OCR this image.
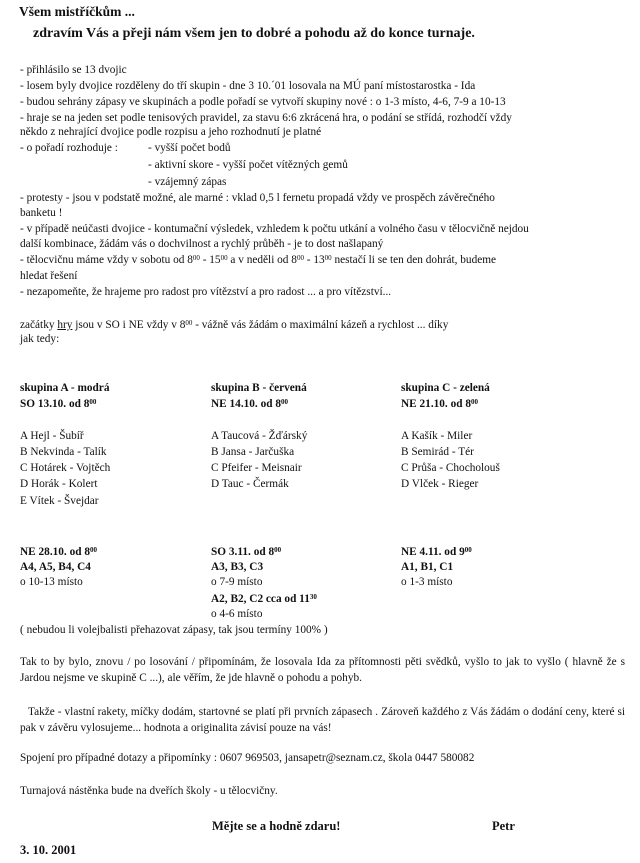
Všem mistříčkům ...
zdravím Vás a přeji nám všem jen to dobré a pohodu až do konce turnaje.
- přihlásilo se 13 dvojic
- losem byly dvojice rozděleny do tří skupin - dne 3 10.´01 losovala na MÚ paní místostarostka - Ida
- budou sehrány zápasy ve skupinách a podle pořadí se vytvoří skupiny nové : o 1-3 místo, 4-6, 7-9 a 10-13
- hraje se na jeden set podle tenisových pravidel, za stavu 6:6 zkrácená hra, o podání se střídá, rozhodčí vždy
někdo z nehrající dvojice podle rozpisu a jeho rozhodnutí je platné
- o pořadí rozhoduje :	- vyšší počet bodů
- aktivní skore - vyšší počet vítězných gemů
- vzájemný zápas
- protesty - jsou v podstatě možné, ale marné : vklad 0,5 l fernetu propadá vždy ve prospěch závěrečného
banketu !
- v případě neúčasti dvojice - kontumační výsledek, vzhledem k počtu utkání a volného času v tělocvičně nejdou
další kombinace, žádám vás o dochvilnost a rychlý průběh - je to dost našlapaný
- tělocvičnu máme vždy v sobotu od $8^{00} - 15^{00}$ a v neděli od $8^{00} - 13^{00}$ nestačí li se ten den dohrát, budeme
hledat řešení
- nezapomeňte, že hrajeme pro radost pro vítězství a pro radost ... a pro vítězství...
začátky hry jsou v SO i NE vždy v $8^{00}$ - vážně vás žádám o maximální kázeň a rychlost ... díky
jak tedy:
skupina A - modrá
SO 13.10. od $8^{00}$
A Hejl - Šubíř
B Nekvinda - Talík
C Hotárek - Vojtěch
D Horák - Kolert
E Vítek - Švejdar
skupina B - červená
NE 14.10. od $8^{00}$
A Taucová - Žďárský
B Jansa - Jarčuška
C Pfeifer - Meisnair
D Tauc - Čermák
skupina C - zelená
NE 21.10. od $8^{00}$
A Kašík - Miler
B Semirád - Tér
C Průša - Chocholouš
D Vlček - Rieger
NE 28.10. od $8^{00}$
A4, A5, B4, C4
o 10-13 místo
SO 3.11. od $8^{00}$
A3, B3, C3
o 7-9 místo
A2, B2, C2 cca od $11^{30}$
o 4-6 místo
NE 4.11. od $9^{00}$
A1, B1, C1
o 1-3 místo
( nebudou li volejbalisti přehazovat zápasy, tak jsou termíny 100% )
Tak to by bylo, znovu / po losování / připomínám, že losovala Ida za přítomnosti pěti svědků, vyšlo to jak to vyšlo ( hlavně že s Jardou nejsme ve skupině C ...), ale věřím, že jde hlavně o pohodu a pohyb.
Takže - vlastní rakety, míčky dodám, startovné se platí při prvních zápasech . Zároveň každého z Vás žádám o dodání ceny, které si pak v závěru vylosujeme... hodnota a originalita závisí pouze na vás!
Spojení pro případné dotazy a připomínky : 0607 969503, jansapetr@seznam.cz, škola 0447 580082
Turnajová nástěnka bude na dveřích školy - u tělocvičny.
Mějte se a hodně zdaru!	Petr
3. 10. 2001
